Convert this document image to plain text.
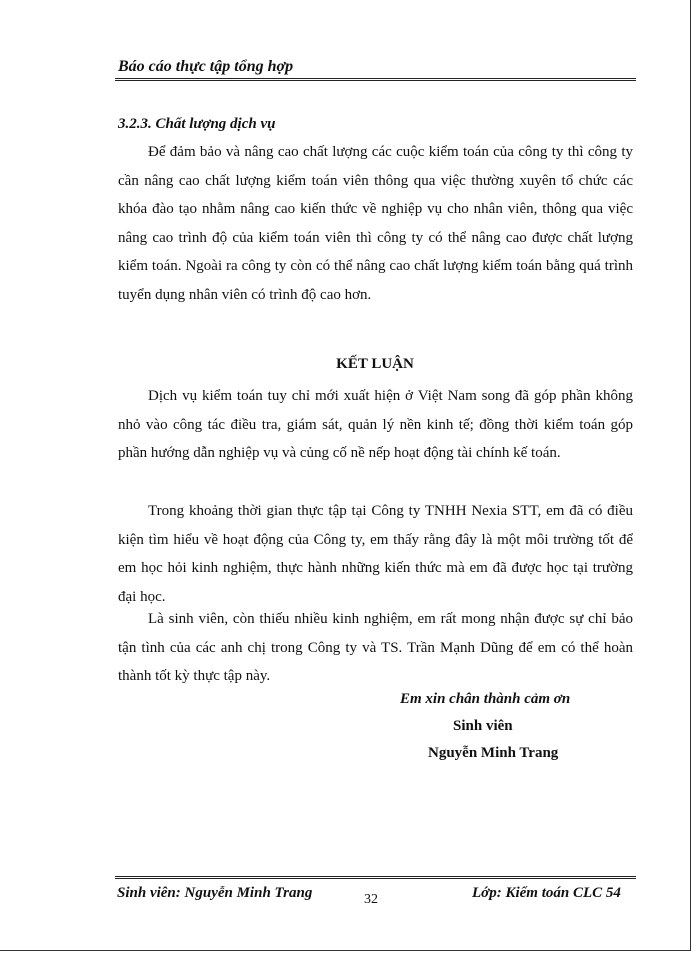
Báo cáo thực tập tổng hợp
3.2.3. Chất lượng dịch vụ

Để đảm bảo và nâng cao chất lượng các cuộc kiểm toán của công ty thì công ty cần nâng cao chất lượng kiểm toán viên thông qua việc thường xuyên tổ chức các khóa đào tạo nhằm nâng cao kiến thức về nghiệp vụ cho nhân viên, thông qua việc nâng cao trình độ của kiểm toán viên thì công ty có thể nâng cao được chất lượng kiểm toán. Ngoài ra công ty còn có thể nâng cao chất lượng kiểm toán bằng quá trình tuyển dụng nhân viên có trình độ cao hơn.

KẾT LUẬN

Dịch vụ kiểm toán tuy chỉ mới xuất hiện ở Việt Nam song đã góp phần không nhỏ vào công tác điều tra, giám sát, quản lý nền kinh tế; đồng thời kiểm toán góp phần hướng dẫn nghiệp vụ và củng cố nề nếp hoạt động tài chính kế toán.

Trong khoảng thời gian thực tập tại Công ty TNHH Nexia STT, em đã có điều kiện tìm hiểu về hoạt động của Công ty, em thấy rằng đây là một môi trường tốt để em học hỏi kinh nghiệm, thực hành những kiến thức mà em đã được học tại trường đại học.

Là sinh viên, còn thiếu nhiều kinh nghiệm, em rất mong nhận được sự chỉ bảo tận tình của các anh chị trong Công ty và TS. Trần Mạnh Dũng để em có thể hoàn thành tốt kỳ thực tập này.

Em xin chân thành cảm ơn
Sinh viên
Nguyễn Minh Trang
Sinh viên: Nguyễn Minh Trang	32	Lớp: Kiểm toán CLC 54
